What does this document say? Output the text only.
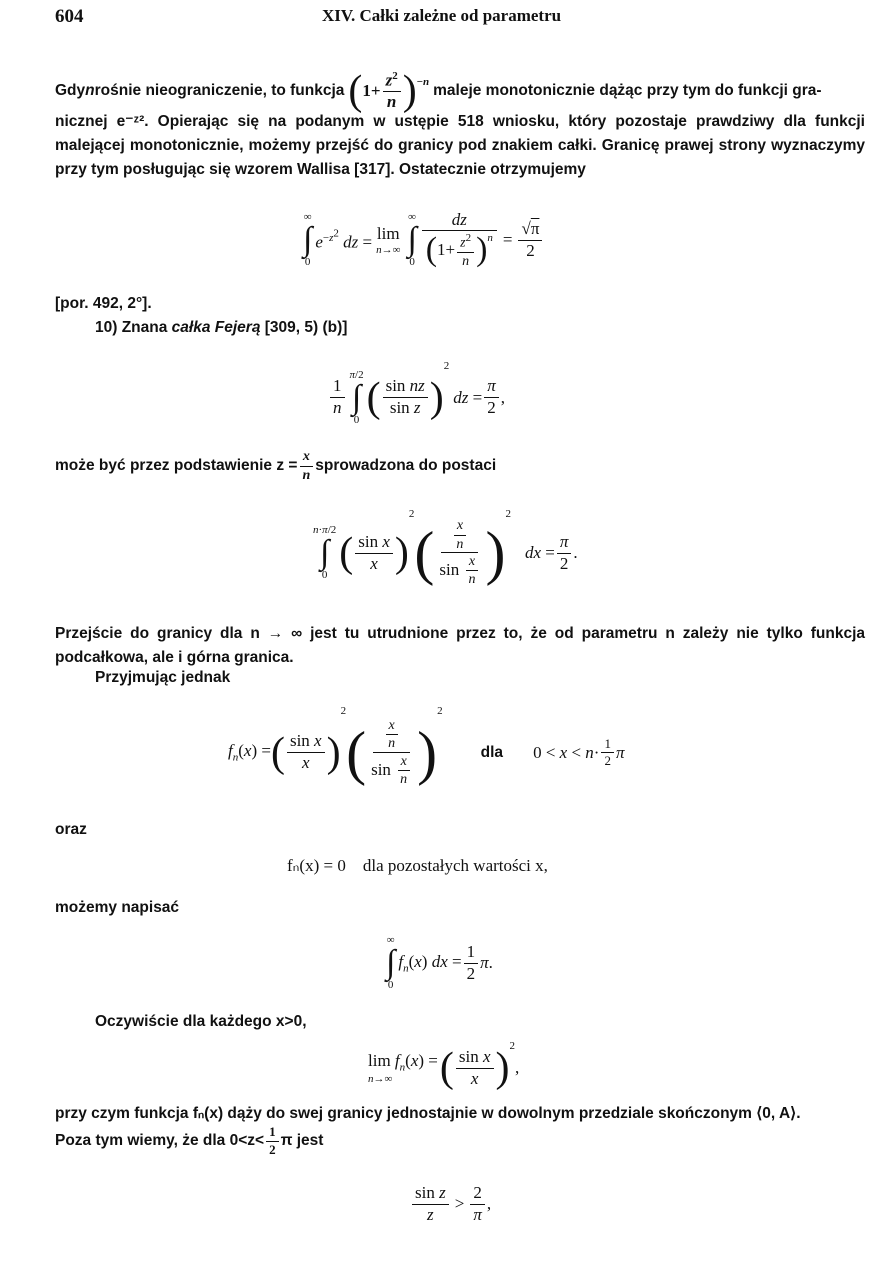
604	XIV. Całki zależne od parametru
Gdy n rośnie nieograniczenie, to funkcja ( 1+
$z^2$
n )$^{-n}$
maleje monotonicznie dążąc przy tym do funkcji gra-
nicznej e⁻ᶻ². Opierając się na podanym w ustępie 518 wniosku, który pozostaje prawdziwy dla funkcji malejącej monotonicznie, możemy przejść do granicy pod znakiem całki. Granicę prawej strony wyznaczymy przy tym posługując się wzorem Wallisa [317]. Ostatecznie otrzymujemy
∞
∫
0
$e^{-z^2}$ dz = lim
n→∞
∞
∫
0 dz
( $1+ z^2$
n ) $^n = \frac{√\pi}{2}$
[por. 492, 2°].
10) Znana całka Fejerą [309, 5) (b)]
1
n
π/2
∫
0 ( sin nz
sin z )
2
dz = $\frac{\pi}{2}$ ,
może być przez podstawienie $z = \frac{x}{n}$ sprowadzona do postaci
n·π/2
∫
0 ( sin x
x )
2
( $\frac{x}{n}$
$\sin \frac{x}{n}$ )
2
dx = $\frac{\pi}{2}$ .
Przejście do granicy dla n → ∞ jest tu utrudnione przez to, że od parametru n zależy nie tylko funkcja podcałkowa, ale i górna granica.
Przyjmując jednak
$f_n(x)$ = ( sin x
x )
2
( $\frac{x}{n}$
$\sin \frac{x}{n}$ )
2
dla 0 < x < n· 1
2 π
oraz
fₙ(x) = 0    dla pozostałych wartości x,
możemy napisać
∞
∫
0
$f_n(x)$ dx = $\frac{1}{2} \pi$.
Oczywiście dla każdego x>0,
$\lim f_n(x)$ =
n→∞ ( sin x
x )$^2$
,
przy czym funkcja fₙ(x) dąży do swej granicy jednostajnie w dowolnym przedziale skończonym ⟨0, A⟩.
Poza tym wiemy, że dla 0<z<
1
2 π jest
sin z
z
>
2
π
,
